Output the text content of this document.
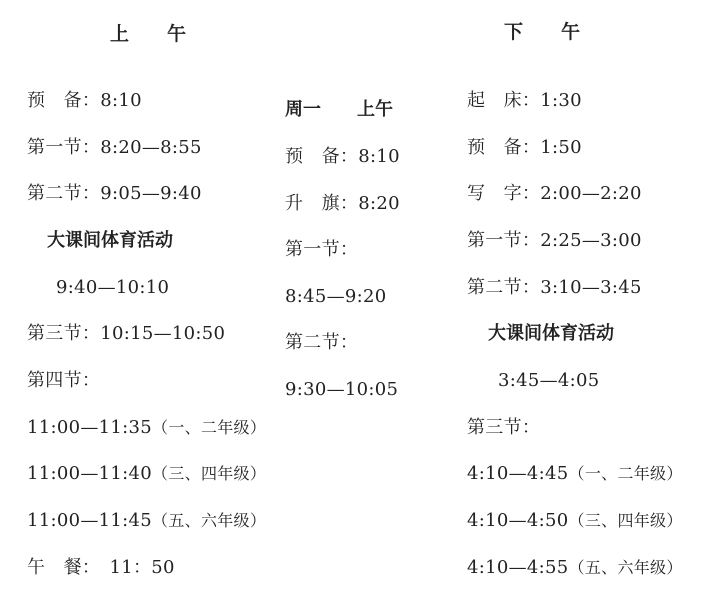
上　　午
预　备：8:10
第一节：8:20—8:55
第二节：9:05—9:40
大课间体育活动
9:40—10:10
第三节：10:15—10:50
第四节：
11:00—11:35（一、二年级）
11:00—11:40（三、四年级）
11:00—11:45（五、六年级）
午　餐：　11：50
周一　　上午
预　备：8:10
升　旗：8:20
第一节：
8:45—9:20
第二节：
9:30—10:05
下　　午
起　床：1:30
预　备：1:50
写　字：2:00—2:20
第一节：2:25—3:00
第二节：3:10—3:45
大课间体育活动
3:45—4:05
第三节：
4:10—4:45（一、二年级）
4:10—4:50（三、四年级）
4:10—4:55（五、六年级）
